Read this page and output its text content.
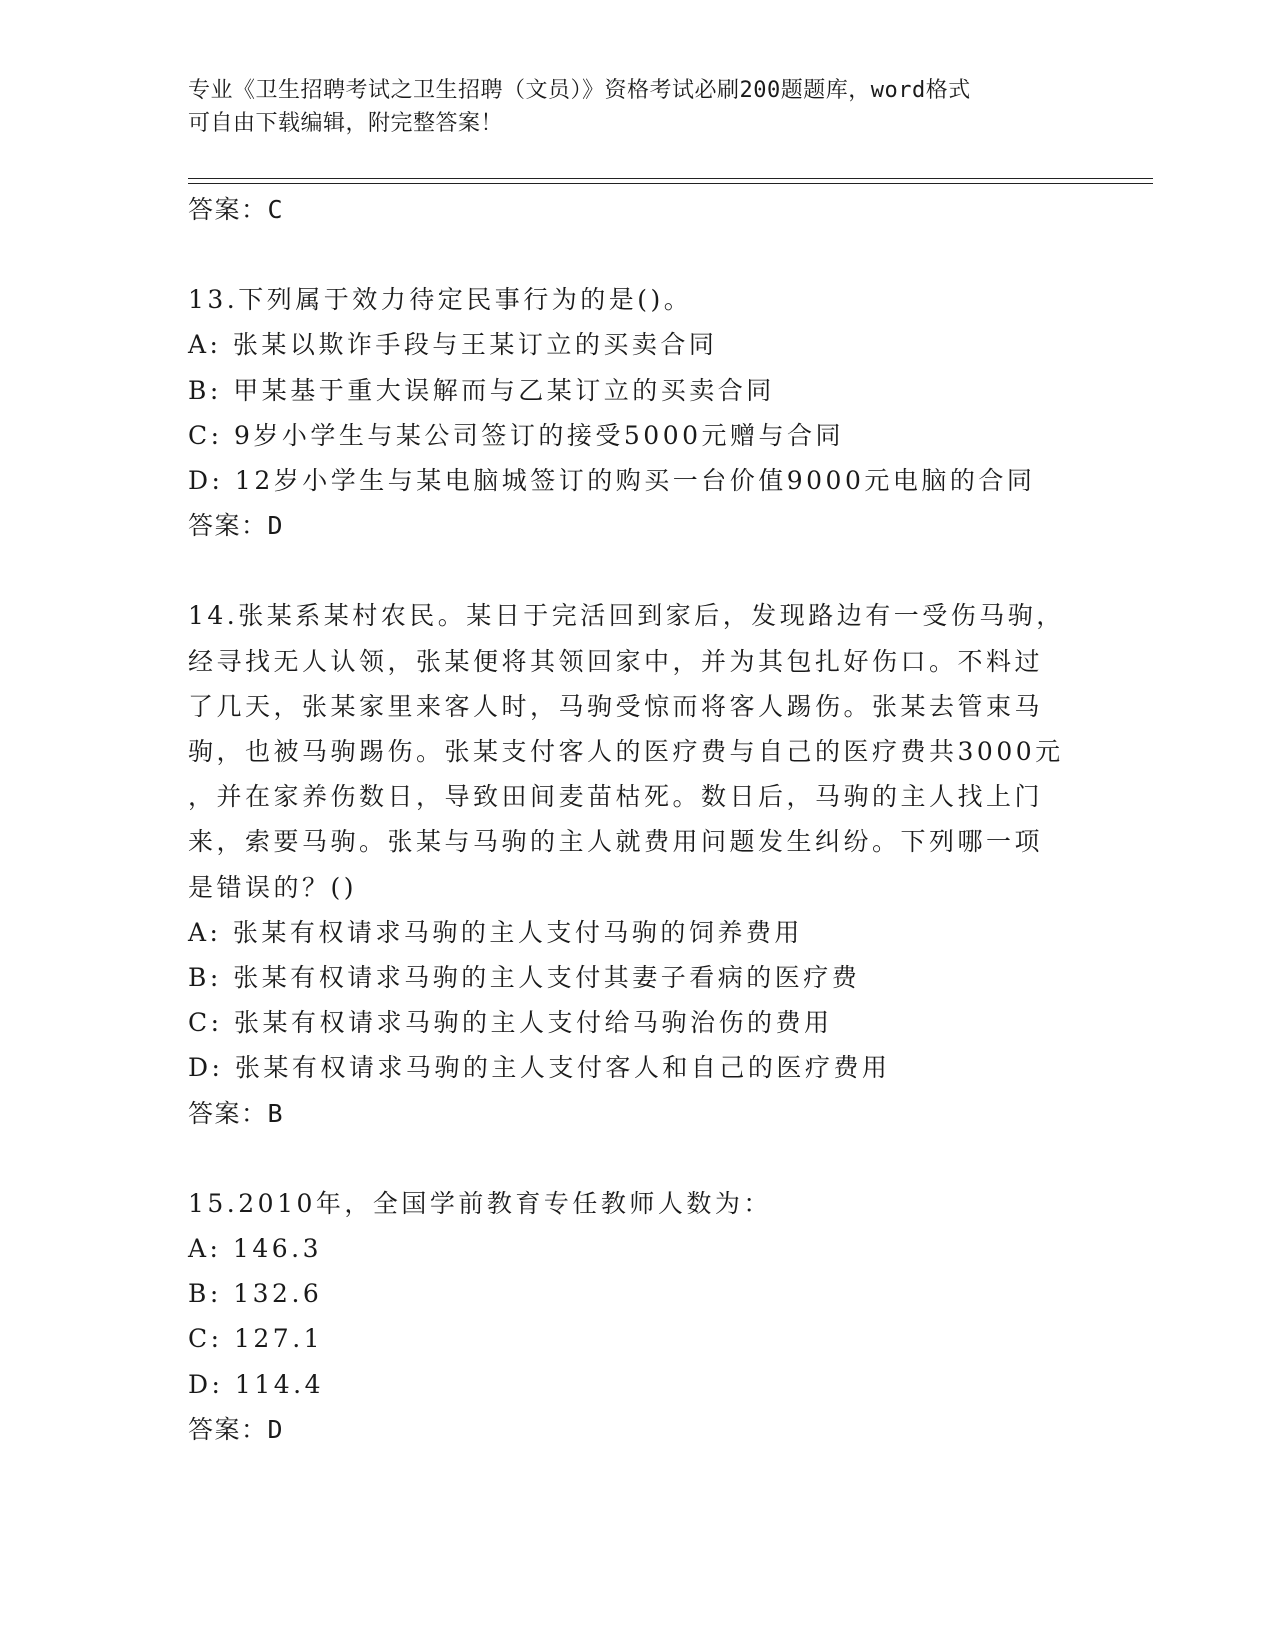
专业《卫生招聘考试之卫生招聘（文员）》资格考试必刷200题题库，word格式
可自由下载编辑，附完整答案！
答案：C
13.下列属于效力待定民事行为的是()。
A: 张某以欺诈手段与王某订立的买卖合同
B: 甲某基于重大误解而与乙某订立的买卖合同
C: 9岁小学生与某公司签订的接受5000元赠与合同
D: 12岁小学生与某电脑城签订的购买一台价值9000元电脑的合同
答案：D
14.张某系某村农民。某日于完活回到家后，发现路边有一受伤马驹，
经寻找无人认领，张某便将其领回家中，并为其包扎好伤口。不料过
了几天，张某家里来客人时，马驹受惊而将客人踢伤。张某去管束马
驹，也被马驹踢伤。张某支付客人的医疗费与自己的医疗费共3000元
，并在家养伤数日，导致田间麦苗枯死。数日后，马驹的主人找上门
来，索要马驹。张某与马驹的主人就费用问题发生纠纷。下列哪一项
是错误的？()
A: 张某有权请求马驹的主人支付马驹的饲养费用
B: 张某有权请求马驹的主人支付其妻子看病的医疗费
C: 张某有权请求马驹的主人支付给马驹治伤的费用
D: 张某有权请求马驹的主人支付客人和自己的医疗费用
答案：B
15.2010年，全国学前教育专任教师人数为：
A: 146.3
B: 132.6
C: 127.1
D: 114.4
答案：D
